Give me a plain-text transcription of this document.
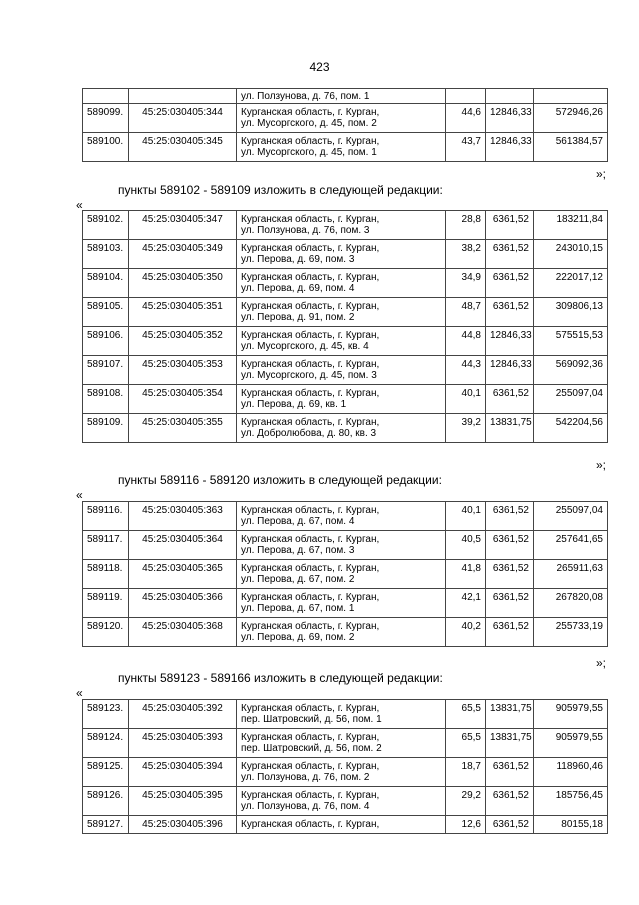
423

		ул. Ползунова, д. 76, пом. 1			

589099.	45:25:030405:344	Курганская область, г. Курган,
ул. Мусоргского, д. 45, пом. 2	44,6	12846,33	572946,26
589100.	45:25:030405:345	Курганская область, г. Курган,
ул. Мусоргского, д. 45, пом. 1	43,7	12846,33	561384,57
»;
пункты 589102 - 589109 изложить в следующей редакции:
«
589102.	45:25:030405:347	Курганская область, г. Курган,
ул. Ползунова, д. 76, пом. 3	28,8	6361,52	183211,84
589103.	45:25:030405:349	Курганская область, г. Курган,
ул. Перова, д. 69, пом. 3	38,2	6361,52	243010,15
589104.	45:25:030405:350	Курганская область, г. Курган,
ул. Перова, д. 69, пом. 4	34,9	6361,52	222017,12
589105.	45:25:030405:351	Курганская область, г. Курган,
ул. Перова, д. 91, пом. 2	48,7	6361,52	309806,13
589106.	45:25:030405:352	Курганская область, г. Курган,
ул. Мусоргского, д. 45, кв. 4	44,8	12846,33	575515,53
589107.	45:25:030405:353	Курганская область, г. Курган,
ул. Мусоргского, д. 45, пом. 3	44,3	12846,33	569092,36
589108.	45:25:030405:354	Курганская область, г. Курган,
ул. Перова, д. 69, кв. 1	40,1	6361,52	255097,04
589109.	45:25:030405:355	Курганская область, г. Курган,
ул. Добролюбова, д. 80, кв. 3	39,2	13831,75	542204,56
»;
пункты 589116 - 589120 изложить в следующей редакции:
«
589116.	45:25:030405:363	Курганская область, г. Курган,
ул. Перова, д. 67, пом. 4	40,1	6361,52	255097,04
589117.	45:25:030405:364	Курганская область, г. Курган,
ул. Перова, д. 67, пом. 3	40,5	6361,52	257641,65
589118.	45:25:030405:365	Курганская область, г. Курган,
ул. Перова, д. 67, пом. 2	41,8	6361,52	265911,63
589119.	45:25:030405:366	Курганская область, г. Курган,
ул. Перова, д. 67, пом. 1	42,1	6361,52	267820,08
589120.	45:25:030405:368	Курганская область, г. Курган,
ул. Перова, д. 69, пом. 2	40,2	6361,52	255733,19
»;
пункты 589123 - 589166 изложить в следующей редакции:
«
589123.	45:25:030405:392	Курганская область, г. Курган,
пер. Шатровский, д. 56, пом. 1	65,5	13831,75	905979,55
589124.	45:25:030405:393	Курганская область, г. Курган,
пер. Шатровский, д. 56, пом. 2	65,5	13831,75	905979,55
589125.	45:25:030405:394	Курганская область, г. Курган,
ул. Ползунова, д. 76, пом. 2	18,7	6361,52	118960,46
589126.	45:25:030405:395	Курганская область, г. Курган,
ул. Ползунова, д. 76, пом. 4	29,2	6361,52	185756,45
589127.	45:25:030405:396	Курганская область, г. Курган,	12,6	6361,52	80155,18
